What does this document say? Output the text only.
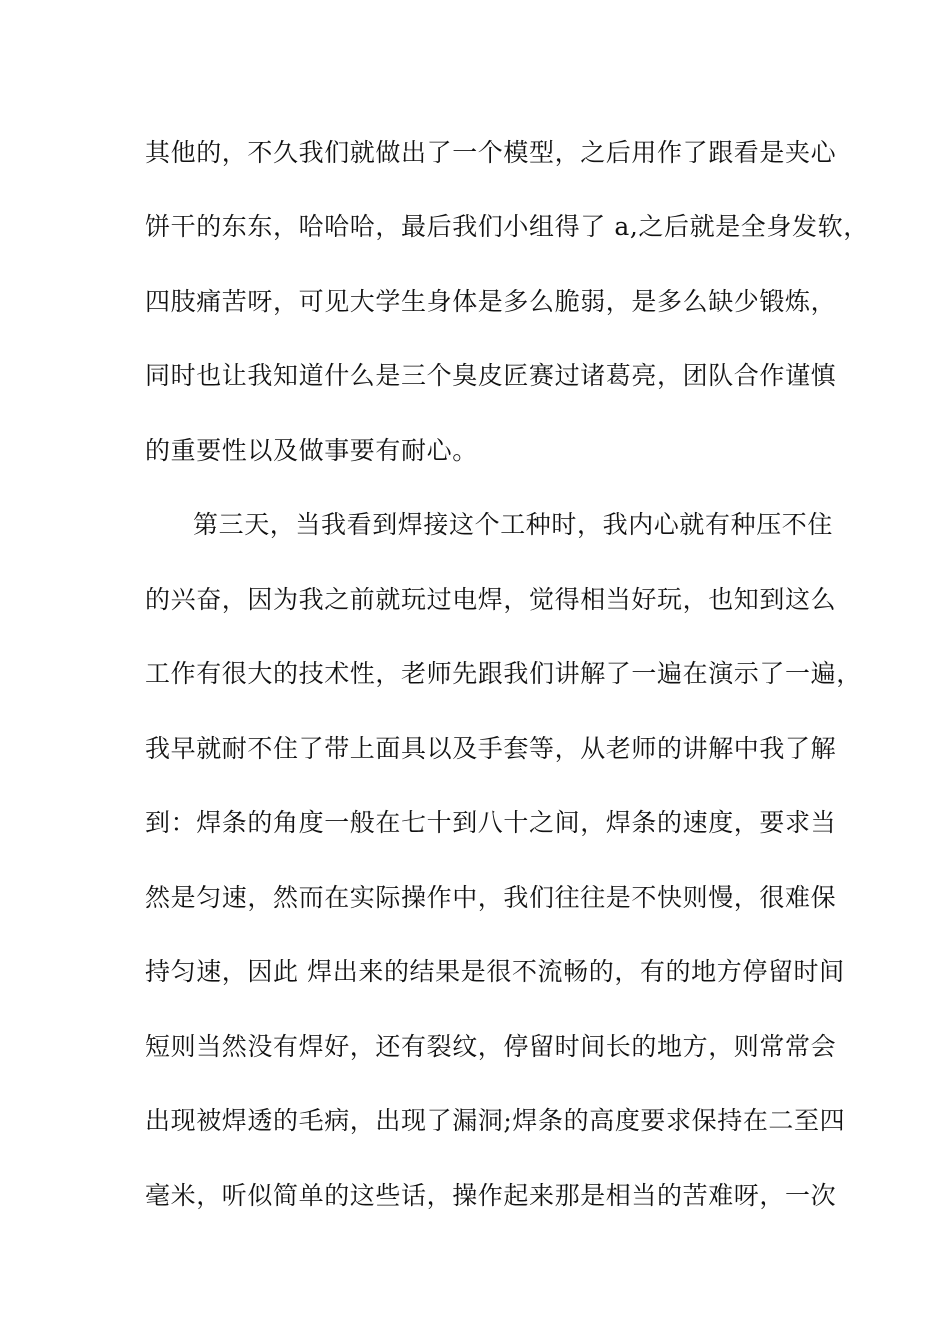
其他的，不久我们就做出了一个模型，之后用作了跟看是夹心
饼干的东东，哈哈哈，最后我们小组得了 a,之后就是全身发软，
四肢痛苦呀，可见大学生身体是多么脆弱，是多么缺少锻炼，
同时也让我知道什么是三个臭皮匠赛过诸葛亮，团队合作谨慎
的重要性以及做事要有耐心。
第三天，当我看到焊接这个工种时，我内心就有种压不住
的兴奋，因为我之前就玩过电焊，觉得相当好玩，也知到这么
工作有很大的技术性，老师先跟我们讲解了一遍在演示了一遍，
我早就耐不住了带上面具以及手套等，从老师的讲解中我了解
到：焊条的角度一般在七十到八十之间，焊条的速度，要求当
然是匀速，然而在实际操作中，我们往往是不快则慢，很难保
持匀速，因此 焊出来的结果是很不流畅的，有的地方停留时间
短则当然没有焊好，还有裂纹，停留时间长的地方，则常常会
出现被焊透的毛病，出现了漏洞;焊条的高度要求保持在二至四
毫米，听似简单的这些话，操作起来那是相当的苦难呀，一次
